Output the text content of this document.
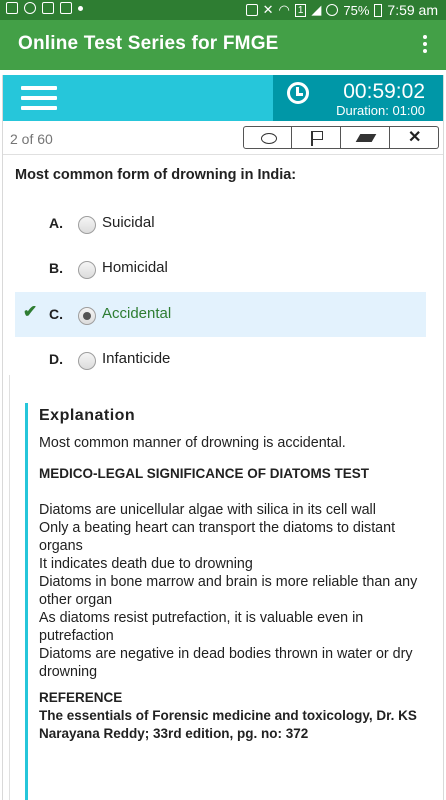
✕ ◠ 1 ◢ 75% 7:59 am
Online Test Series for FMGE
00:59:02
Duration: 01:00
2 of 60	✕
Most common form of drowning in India:
A.	Suicidal
B.	Homicidal
✔ C.	Accidental
D.	Infanticide
Explanation
Most common manner of drowning is accidental.
MEDICO-LEGAL SIGNIFICANCE OF DIATOMS TEST
Diatoms are unicellular algae with silica in its cell wall
Only a beating heart can transport the diatoms to distant organs
It indicates death due to drowning
Diatoms in bone marrow and brain is more reliable than any other organ
As diatoms resist putrefaction, it is valuable even in putrefaction
Diatoms are negative in dead bodies thrown in water or dry drowning
REFERENCE
The essentials of Forensic medicine and toxicology, Dr. KS Narayana Reddy; 33rd edition, pg. no: 372
